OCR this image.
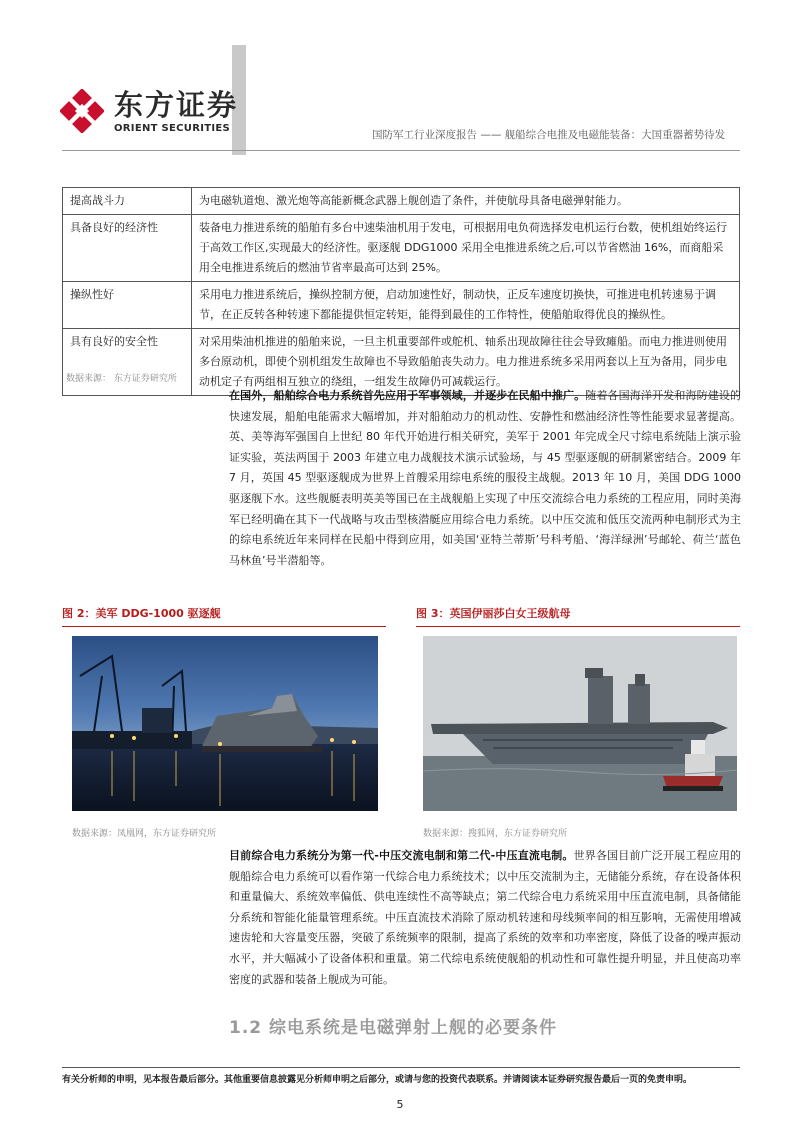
东方证券
ORIENT SECURITIES
国防军工行业深度报告 —— 舰船综合电推及电磁能装备：大国重器蓄势待发
提高战斗力	为电磁轨道炮、激光炮等高能新概念武器上舰创造了条件，并使航母具备电磁弹射能力。
具备良好的经济性	装备电力推进系统的船舶有多台中速柴油机用于发电，可根据用电负荷选择发电机运行台数，使机组始终运行于高效工作区,实现最大的经济性。驱逐舰 DDG1000 采用全电推进系统之后,可以节省燃油 16%，而商船采用全电推进系统后的燃油节省率最高可达到 25%。
操纵性好	采用电力推进系统后，操纵控制方便，启动加速性好，制动快，正反车速度切换快，可推进电机转速易于调节，在正反转各种转速下都能提供恒定转矩，能得到最佳的工作特性，使船舶取得优良的操纵性。
具有良好的安全性	对采用柴油机推进的船舶来说，一旦主机重要部件或舵机、轴系出现故障往往会导致瘫船。而电力推进则使用多台原动机，即使个别机组发生故障也不导致船舶丧失动力。电力推进系统多采用两套以上互为备用，同步电动机定子有两组相互独立的绕组，一组发生故障仍可减载运行。
数据来源： 东方证券研究所
在国外，船舶综合电力系统首先应用于军事领域，并逐步在民船中推广。随着各国海洋开发和海防建设的快速发展，船舶电能需求大幅增加，并对船舶动力的机动性、安静性和燃油经济性等性能要求显著提高。英、美等海军强国自上世纪 80 年代开始进行相关研究，美军于 2001 年完成全尺寸综电系统陆上演示验证实验，英法两国于 2003 年建立电力战舰技术演示试验场，与 45 型驱逐舰的研制紧密结合。2009 年 7 月，英国 45 型驱逐舰成为世界上首艘采用综电系统的服役主战舰。2013 年 10 月，美国 DDG 1000 驱逐舰下水。这些舰艇表明英美等国已在主战舰船上实现了中压交流综合电力系统的工程应用，同时美海军已经明确在其下一代战略与攻击型核潜艇应用综合电力系统。以中压交流和低压交流两种电制形式为主的综电系统近年来同样在民船中得到应用，如美国‘亚特兰蒂斯’号科考船、‘海洋绿洲’号邮轮、荷兰‘蓝色马林鱼’号半潜船等。
图 2：美军 DDG-1000 驱逐舰	图 3：英国伊丽莎白女王级航母
数据来源：凤凰网，东方证券研究所	数据来源：搜狐网，东方证券研究所
目前综合电力系统分为第一代-中压交流电制和第二代-中压直流电制。世界各国目前广泛开展工程应用的舰船综合电力系统可以看作第一代综合电力系统技术；以中压交流制为主，无储能分系统，存在设备体积和重量偏大、系统效率偏低、供电连续性不高等缺点；第二代综合电力系统采用中压直流电制，具备储能分系统和智能化能量管理系统。中压直流技术消除了原动机转速和母线频率间的相互影响，无需使用增减速齿轮和大容量变压器，突破了系统频率的限制，提高了系统的效率和功率密度，降低了设备的噪声振动水平，并大幅减小了设备体积和重量。第二代综电系统使舰船的机动性和可靠性提升明显，并且使高功率密度的武器和装备上舰成为可能。
1.2 综电系统是电磁弹射上舰的必要条件
有关分析师的申明，见本报告最后部分。其他重要信息披露见分析师申明之后部分，或请与您的投资代表联系。并请阅读本证券研究报告最后一页的免责申明。
5
